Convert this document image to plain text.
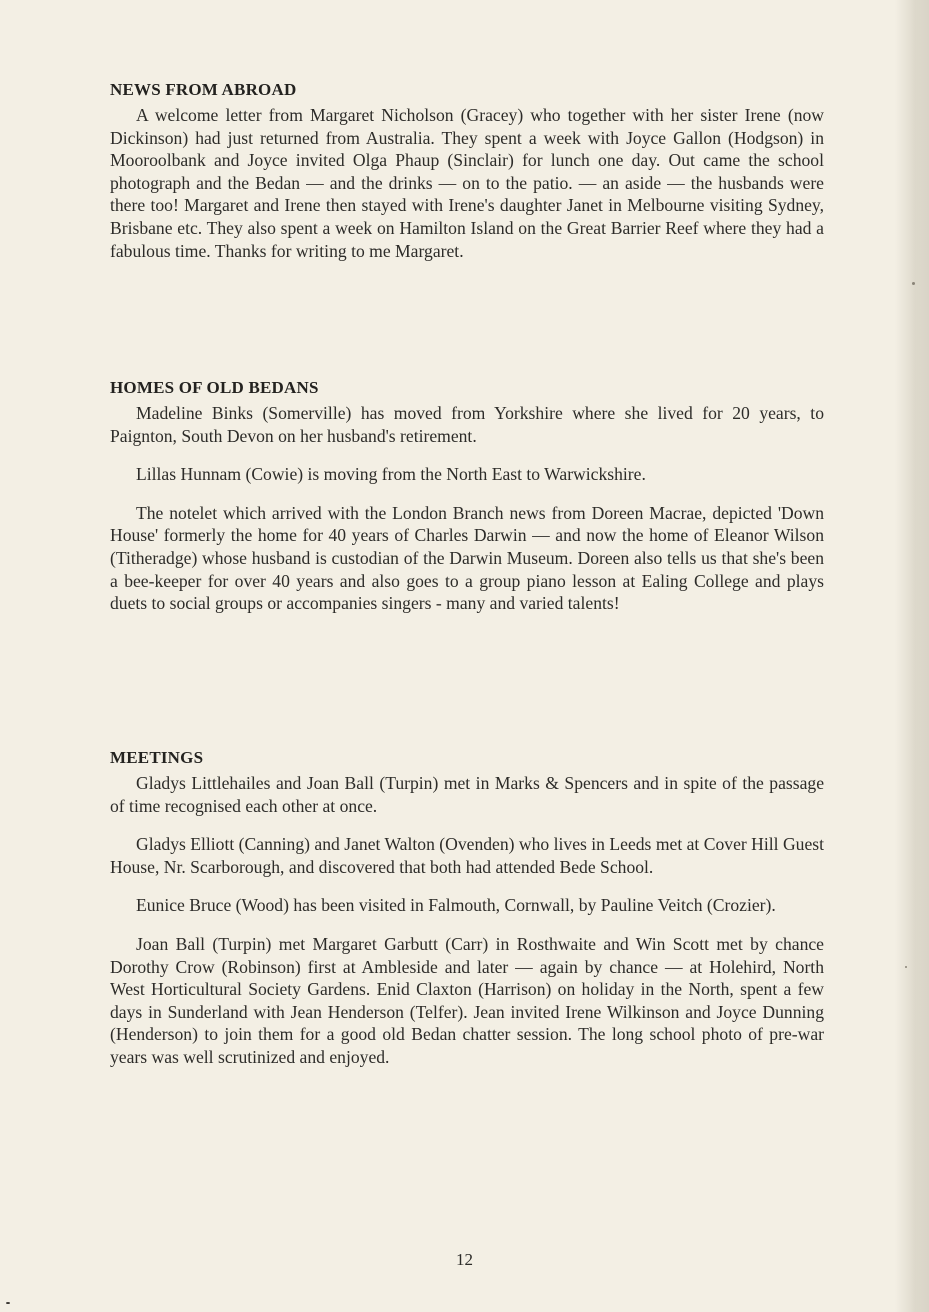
NEWS FROM ABROAD

A welcome letter from Margaret Nicholson (Gracey) who together with her sister Irene (now Dickinson) had just returned from Australia. They spent a week with Joyce Gallon (Hodgson) in Mooroolbank and Joyce invited Olga Phaup (Sinclair) for lunch one day. Out came the school photograph and the Bedan — and the drinks — on to the patio. — an aside — the husbands were there too! Margaret and Irene then stayed with Irene's daughter Janet in Melbourne visiting Sydney, Brisbane etc. They also spent a week on Hamilton Island on the Great Barrier Reef where they had a fabulous time. Thanks for writing to me Margaret.

HOMES OF OLD BEDANS

Madeline Binks (Somerville) has moved from Yorkshire where she lived for 20 years, to Paignton, South Devon on her husband's retirement.

Lillas Hunnam (Cowie) is moving from the North East to Warwickshire.

The notelet which arrived with the London Branch news from Doreen Macrae, depicted 'Down House' formerly the home for 40 years of Charles Darwin — and now the home of Eleanor Wilson (Titheradge) whose husband is custodian of the Darwin Museum. Doreen also tells us that she's been a bee-keeper for over 40 years and also goes to a group piano lesson at Ealing College and plays duets to social groups or accompanies singers - many and varied talents!

MEETINGS

Gladys Littlehailes and Joan Ball (Turpin) met in Marks & Spencers and in spite of the passage of time recognised each other at once.

Gladys Elliott (Canning) and Janet Walton (Ovenden) who lives in Leeds met at Cover Hill Guest House, Nr. Scarborough, and discovered that both had attended Bede School.

Eunice Bruce (Wood) has been visited in Falmouth, Cornwall, by Pauline Veitch (Crozier).

Joan Ball (Turpin) met Margaret Garbutt (Carr) in Rosthwaite and Win Scott met by chance Dorothy Crow (Robinson) first at Ambleside and later — again by chance — at Holehird, North West Horticultural Society Gardens. Enid Claxton (Harrison) on holiday in the North, spent a few days in Sunderland with Jean Henderson (Telfer). Jean invited Irene Wilkinson and Joyce Dunning (Henderson) to join them for a good old Bedan chatter session. The long school photo of pre-war years was well scrutinized and enjoyed.

12
